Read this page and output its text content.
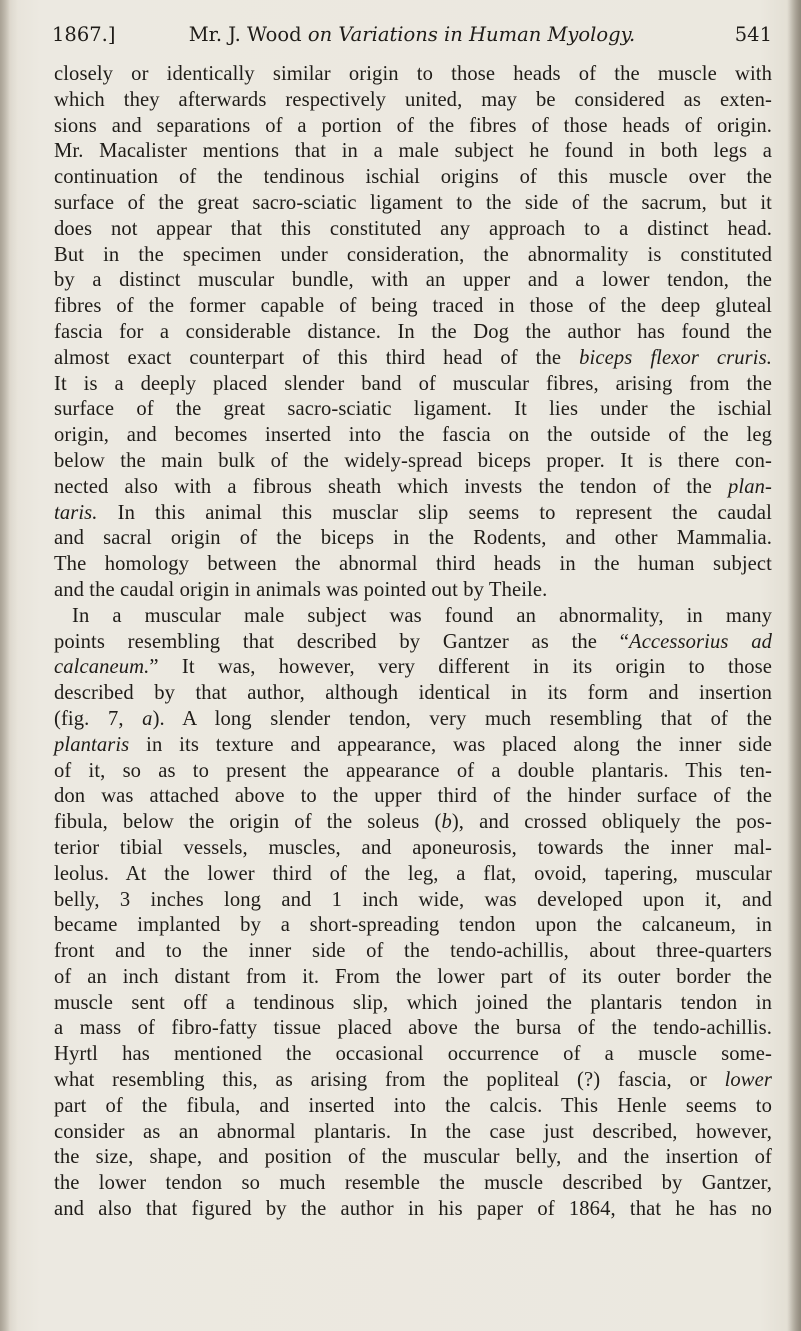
1867.]	Mr. J. Wood on Variations in Human Myology.	541
closely or identically similar origin to those heads of the muscle with
which they afterwards respectively united, may be considered as exten-
sions and separations of a portion of the fibres of those heads of origin.
Mr. Macalister mentions that in a male subject he found in both legs a
continuation of the tendinous ischial origins of this muscle over the
surface of the great sacro-sciatic ligament to the side of the sacrum, but it
does not appear that this constituted any approach to a distinct head.
But in the specimen under consideration, the abnormality is constituted
by a distinct muscular bundle, with an upper and a lower tendon, the
fibres of the former capable of being traced in those of the deep gluteal
fascia for a considerable distance. In the Dog the author has found the
almost exact counterpart of this third head of the biceps flexor cruris.
It is a deeply placed slender band of muscular fibres, arising from the
surface of the great sacro-sciatic ligament. It lies under the ischial
origin, and becomes inserted into the fascia on the outside of the leg
below the main bulk of the widely-spread biceps proper. It is there con-
nected also with a fibrous sheath which invests the tendon of the plan-
taris. In this animal this musclar slip seems to represent the caudal
and sacral origin of the biceps in the Rodents, and other Mammalia.
The homology between the abnormal third heads in the human subject
and the caudal origin in animals was pointed out by Theile.
In a muscular male subject was found an abnormality, in many
points resembling that described by Gantzer as the “Accessorius ad
calcaneum.” It was, however, very different in its origin to those
described by that author, although identical in its form and insertion
(fig. 7, a). A long slender tendon, very much resembling that of the
plantaris in its texture and appearance, was placed along the inner side
of it, so as to present the appearance of a double plantaris. This ten-
don was attached above to the upper third of the hinder surface of the
fibula, below the origin of the soleus (b), and crossed obliquely the pos-
terior tibial vessels, muscles, and aponeurosis, towards the inner mal-
leolus. At the lower third of the leg, a flat, ovoid, tapering, muscular
belly, 3 inches long and 1 inch wide, was developed upon it, and
became implanted by a short-spreading tendon upon the calcaneum, in
front and to the inner side of the tendo-achillis, about three-quarters
of an inch distant from it. From the lower part of its outer border the
muscle sent off a tendinous slip, which joined the plantaris tendon in
a mass of fibro-fatty tissue placed above the bursa of the tendo-achillis.
Hyrtl has mentioned the occasional occurrence of a muscle some-
what resembling this, as arising from the popliteal (?) fascia, or lower
part of the fibula, and inserted into the calcis. This Henle seems to
consider as an abnormal plantaris. In the case just described, however,
the size, shape, and position of the muscular belly, and the insertion of
the lower tendon so much resemble the muscle described by Gantzer,
and also that figured by the author in his paper of 1864, that he has no
